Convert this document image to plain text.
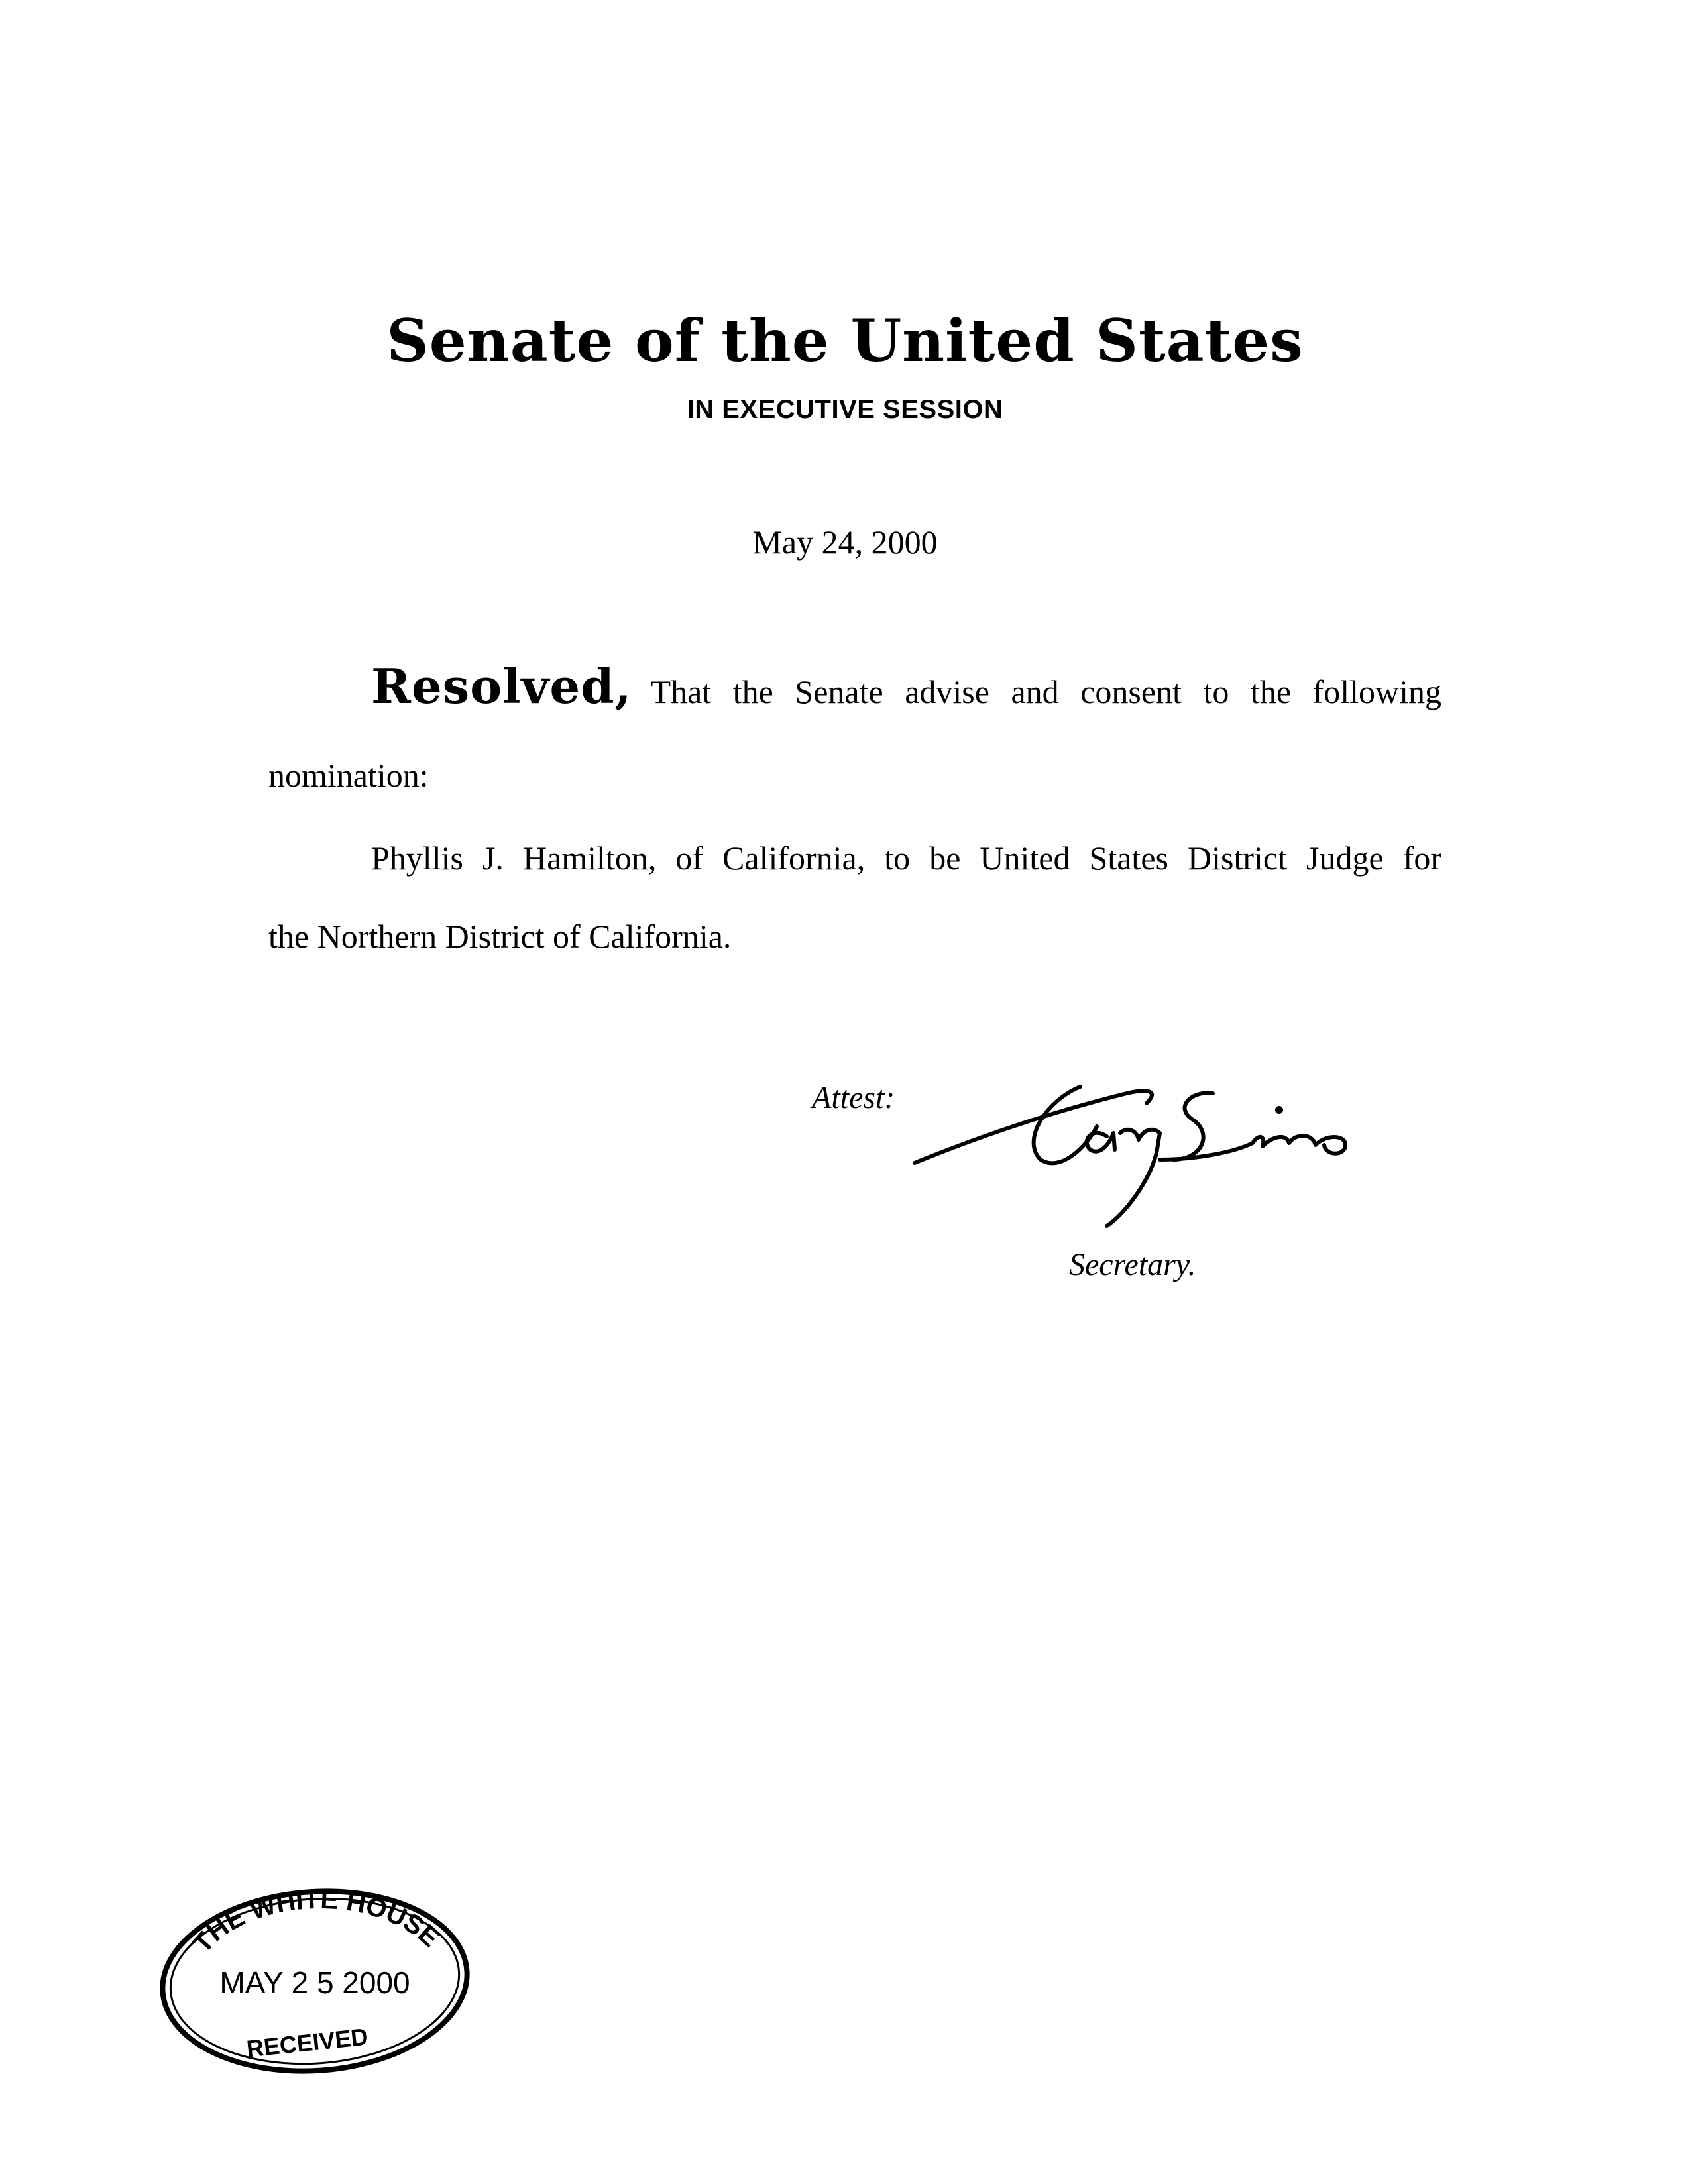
Senate of the United States
IN EXECUTIVE SESSION
May 24, 2000
Resolved, That the Senate advise and consent to the following
nomination:
Phyllis J. Hamilton, of California, to be United States District Judge for
the Northern District of California.
Attest:
Secretary.
THE WHITE HOUSE
MAY 2 5 2000
RECEIVED
